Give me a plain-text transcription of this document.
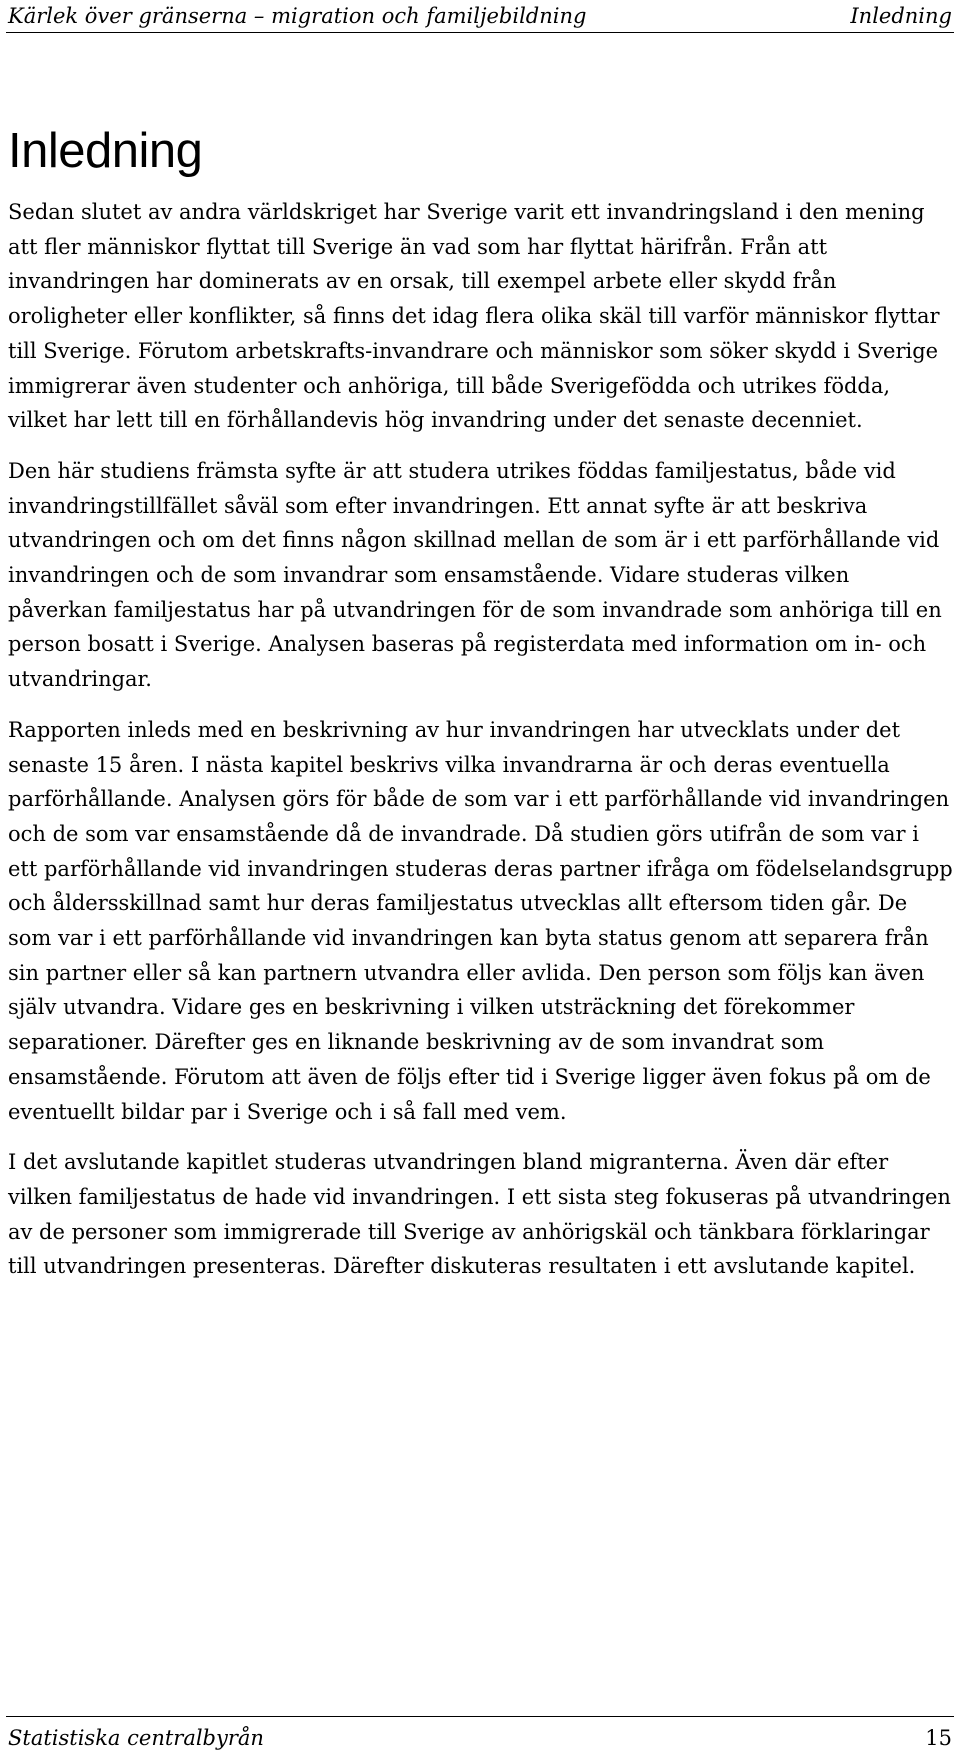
Kärlek över gränserna – migration och familjebildning	Inledning
Inledning

Sedan slutet av andra världskriget har Sverige varit ett invandringsland i den mening att fler människor flyttat till Sverige än vad som har flyttat härifrån. Från att invandringen har dominerats av en orsak, till exempel arbete eller skydd från oroligheter eller konflikter, så finns det idag flera olika skäl till varför människor flyttar till Sverige. Förutom arbetskrafts-invandrare och människor som söker skydd i Sverige immigrerar även studenter och anhöriga, till både Sverigefödda och utrikes födda, vilket har lett till en förhållandevis hög invandring under det senaste decenniet.

Den här studiens främsta syfte är att studera utrikes föddas familjestatus, både vid invandringstillfället såväl som efter invandringen. Ett annat syfte är att beskriva utvandringen och om det finns någon skillnad mellan de som är i ett parförhållande vid invandringen och de som invandrar som ensamstående. Vidare studeras vilken påverkan familjestatus har på utvandringen för de som invandrade som anhöriga till en person bosatt i Sverige. Analysen baseras på registerdata med information om in- och utvandringar.

Rapporten inleds med en beskrivning av hur invandringen har utvecklats under det senaste 15 åren. I nästa kapitel beskrivs vilka invandrarna är och deras eventuella parförhållande. Analysen görs för både de som var i ett parförhållande vid invandringen och de som var ensamstående då de invandrade. Då studien görs utifrån de som var i ett parförhållande vid invandringen studeras deras partner ifråga om födelselandsgrupp och åldersskillnad samt hur deras familjestatus utvecklas allt eftersom tiden går. De som var i ett parförhållande vid invandringen kan byta status genom att separera från sin partner eller så kan partnern utvandra eller avlida. Den person som följs kan även själv utvandra. Vidare ges en beskrivning i vilken utsträckning det förekommer separationer. Därefter ges en liknande beskrivning av de som invandrat som ensamstående. Förutom att även de följs efter tid i Sverige ligger även fokus på om de eventuellt bildar par i Sverige och i så fall med vem.

I det avslutande kapitlet studeras utvandringen bland migranterna. Även där efter vilken familjestatus de hade vid invandringen. I ett sista steg fokuseras på utvandringen av de personer som immigrerade till Sverige av anhörigskäl och tänkbara förklaringar till utvandringen presenteras. Därefter diskuteras resultaten i ett avslutande kapitel.

Statistiska centralbyrån	15
